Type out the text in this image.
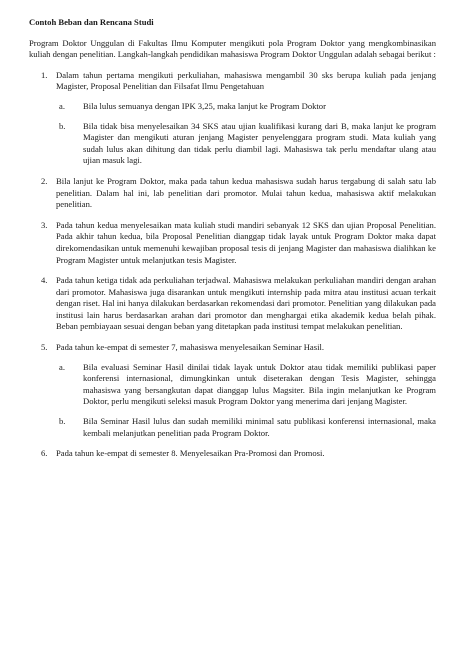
Contoh Beban dan Rencana Studi

Program Doktor Unggulan di Fakultas Ilmu Komputer mengikuti pola Program Doktor yang mengkombinasikan kuliah dengan penelitian. Langkah-langkah pendidikan mahasiswa Program Doktor Unggulan adalah sebagai berikut :

1. Dalam tahun pertama mengikuti perkuliahan, mahasiswa mengambil 30 sks berupa kuliah pada jenjang Magister, Proposal Penelitian dan Filsafat Ilmu Pengetahuan

a. Bila lulus semuanya dengan IPK 3,25, maka lanjut ke Program Doktor

b. Bila tidak bisa menyelesaikan 34 SKS atau ujian kualifikasi kurang dari B, maka lanjut ke program Magister dan mengikuti aturan jenjang Magister penyelenggara program studi. Mata kuliah yang sudah lulus akan dihitung dan tidak perlu diambil lagi. Mahasiswa tak perlu mendaftar ulang atau ujian masuk lagi.

2. Bila lanjut ke Program Doktor, maka pada tahun kedua mahasiswa sudah harus tergabung di salah satu lab penelitian. Dalam hal ini, lab penelitian dari promotor. Mulai tahun kedua, mahasiswa aktif melakukan penelitian.

3. Pada tahun kedua menyelesaikan mata kuliah studi mandiri sebanyak 12 SKS dan ujian Proposal Penelitian. Pada akhir tahun kedua, bila Proposal Penelitian dianggap tidak layak untuk Program Doktor maka dapat direkomendasikan untuk memenuhi kewajiban proposal tesis di jenjang Magister dan mahasiswa dialihkan ke Program Magister untuk melanjutkan tesis Magister.

4. Pada tahun ketiga tidak ada perkuliahan terjadwal. Mahasiswa melakukan perkuliahan mandiri dengan arahan dari promotor. Mahasiswa juga disarankan untuk mengikuti internship pada mitra atau institusi acuan terkait dengan riset. Hal ini hanya dilakukan berdasarkan rekomendasi dari promotor. Penelitian yang dilakukan pada institusi lain harus berdasarkan arahan dari promotor dan menghargai etika akademik kedua belah pihak. Beban pembiayaan sesuai dengan beban yang ditetapkan pada institusi tempat melakukan penelitian.

5. Pada tahun ke-empat di semester 7, mahasiswa menyelesaikan Seminar Hasil.

a. Bila evaluasi Seminar Hasil dinilai tidak layak untuk Doktor atau tidak memiliki publikasi paper konferensi internasional, dimungkinkan untuk diseterakan dengan Tesis Magister, sehingga mahasiswa yang bersangkutan dapat dianggap lulus Magsiter. Bila ingin melanjutkan ke Program Doktor, perlu mengikuti seleksi masuk Program Doktor yang menerima dari jenjang Magister.

b. Bila Seminar Hasil lulus dan sudah memiliki minimal satu publikasi konferensi internasional, maka kembali melanjutkan penelitian pada Program Doktor.

6. Pada tahun ke-empat di semester 8. Menyelesaikan Pra-Promosi dan Promosi.
